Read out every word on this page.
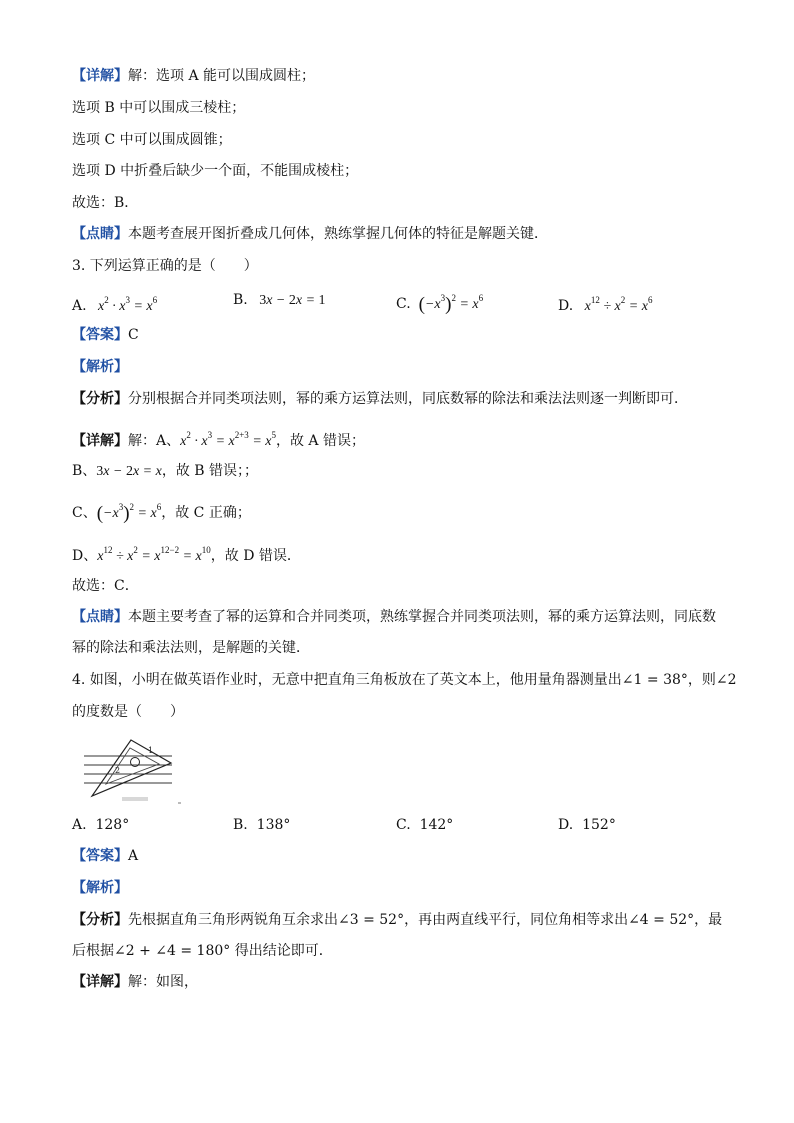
【详解】解：选项 A 能可以围成圆柱；
选项 B 中可以围成三棱柱；
选项 C 中可以围成圆锥；
选项 D 中折叠后缺少一个面，不能围成棱柱；
故选：B．
【点睛】本题考查展开图折叠成几何体，熟练掌握几何体的特征是解题关键．
3. 下列运算正确的是（　　）
A.   $x^2 \cdot x^3 = x^6$	B. 3x − 2x = 1	C. $(-x^3)^2 = x^6$	D.   $x^{12} \div x^2 = x^6$
【答案】C
【解析】
【分析】分别根据合并同类项法则，幂的乘方运算法则，同底数幂的除法和乘法法则逐一判断即可．
【详解】解：A、$x^2 \cdot x^3 = x^{2+3} = x^5$，故 A 错误；
B、3x − 2x = x，故 B 错误；；
C、$(-x^3)^2 = x^6$，故 C 正确；
D、$x^{12} \div x^2 = x^{12-2} = x^{10}$，故 D 错误．
故选：C．
【点睛】本题主要考查了幂的运算和合并同类项，熟练掌握合并同类项法则，幂的乘方运算法则，同底数
幂的除法和乘法法则，是解题的关键．
4. 如图，小明在做英语作业时，无意中把直角三角板放在了英文本上，他用量角器测量出∠1 = 38°，则∠2
的度数是（　　）
2
1
A. 128°	B. 138°	C. 142°	D. 152°
【答案】A
【解析】
【分析】先根据直角三角形两锐角互余求出∠3 = 52°，再由两直线平行，同位角相等求出∠4 = 52°，最
后根据∠2 + ∠4 = 180° 得出结论即可．
【详解】解：如图，
